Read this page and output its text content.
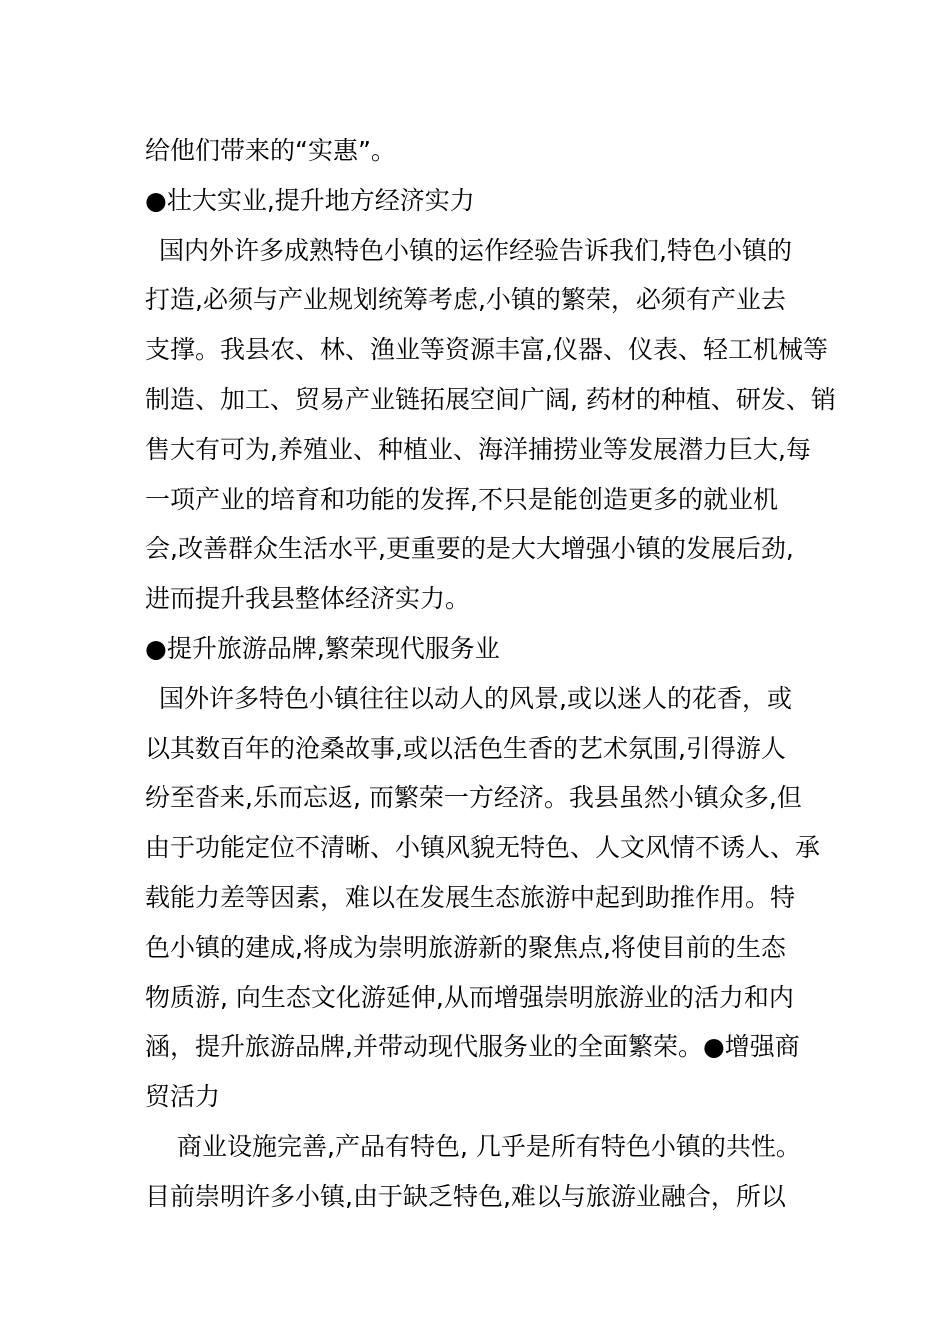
给他们带来的“实惠”。
●壮大实业,提升地方经济实力
国内外许多成熟特色小镇的运作经验告诉我们,特色小镇的
打造,必须与产业规划统筹考虑,小镇的繁荣，必须有产业去
支撑。我县农、林、渔业等资源丰富,仪器、仪表、轻工机械等
制造、加工、贸易产业链拓展空间广阔, 药材的种植、研发、销
售大有可为,养殖业、种植业、海洋捕捞业等发展潜力巨大,每
一项产业的培育和功能的发挥,不只是能创造更多的就业机
会,改善群众生活水平,更重要的是大大增强小镇的发展后劲,
进而提升我县整体经济实力。
●提升旅游品牌,繁荣现代服务业
国外许多特色小镇往往以动人的风景,或以迷人的花香，或
以其数百年的沧桑故事,或以活色生香的艺术氛围,引得游人
纷至沓来,乐而忘返, 而繁荣一方经济。我县虽然小镇众多,但
由于功能定位不清晰、小镇风貌无特色、人文风情不诱人、承
载能力差等因素，难以在发展生态旅游中起到助推作用。特
色小镇的建成,将成为崇明旅游新的聚焦点,将使目前的生态
物质游, 向生态文化游延伸,从而增强崇明旅游业的活力和内
涵，提升旅游品牌,并带动现代服务业的全面繁荣。●增强商
贸活力
商业设施完善,产品有特色, 几乎是所有特色小镇的共性。
目前崇明许多小镇,由于缺乏特色,难以与旅游业融合，所以
